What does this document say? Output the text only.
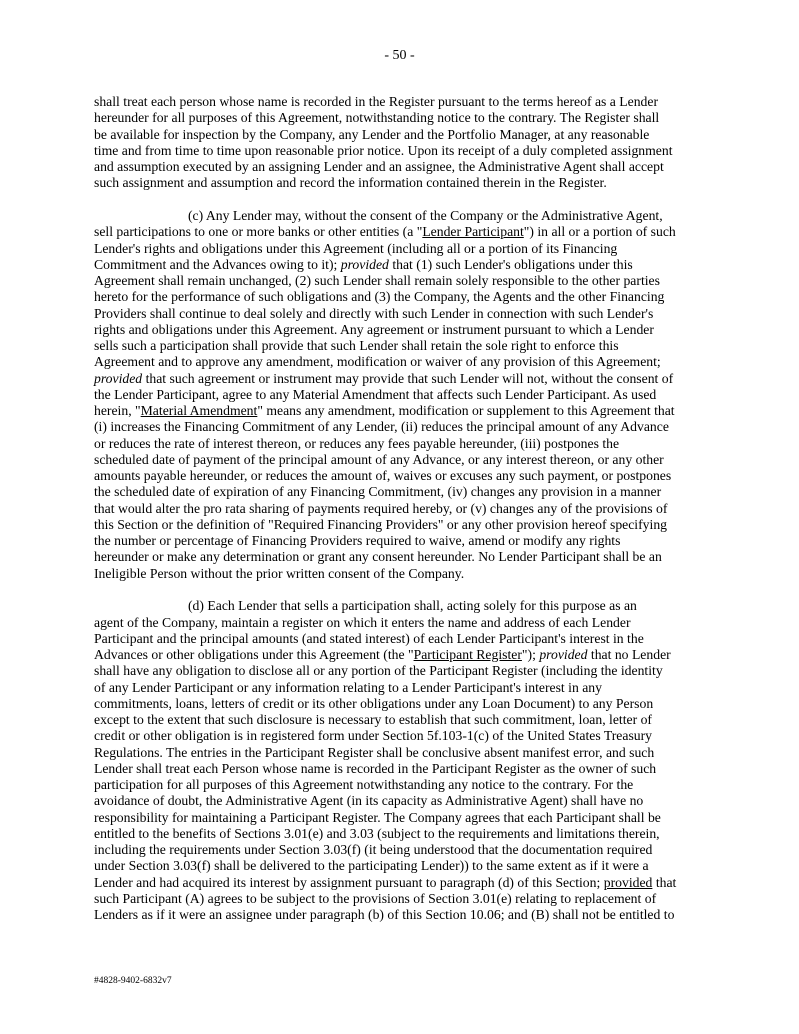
- 50 -
shall treat each person whose name is recorded in the Register pursuant to the terms hereof as a Lender
hereunder for all purposes of this Agreement, notwithstanding notice to the contrary. The Register shall
be available for inspection by the Company, any Lender and the Portfolio Manager, at any reasonable
time and from time to time upon reasonable prior notice. Upon its receipt of a duly completed assignment
and assumption executed by an assigning Lender and an assignee, the Administrative Agent shall accept
such assignment and assumption and record the information contained therein in the Register.
(c) Any Lender may, without the consent of the Company or the Administrative Agent,
sell participations to one or more banks or other entities (a "Lender Participant") in all or a portion of such
Lender's rights and obligations under this Agreement (including all or a portion of its Financing
Commitment and the Advances owing to it); provided that (1) such Lender's obligations under this
Agreement shall remain unchanged, (2) such Lender shall remain solely responsible to the other parties
hereto for the performance of such obligations and (3) the Company, the Agents and the other Financing
Providers shall continue to deal solely and directly with such Lender in connection with such Lender's
rights and obligations under this Agreement. Any agreement or instrument pursuant to which a Lender
sells such a participation shall provide that such Lender shall retain the sole right to enforce this
Agreement and to approve any amendment, modification or waiver of any provision of this Agreement;
provided that such agreement or instrument may provide that such Lender will not, without the consent of
the Lender Participant, agree to any Material Amendment that affects such Lender Participant. As used
herein, "Material Amendment" means any amendment, modification or supplement to this Agreement that
(i) increases the Financing Commitment of any Lender, (ii) reduces the principal amount of any Advance
or reduces the rate of interest thereon, or reduces any fees payable hereunder, (iii) postpones the
scheduled date of payment of the principal amount of any Advance, or any interest thereon, or any other
amounts payable hereunder, or reduces the amount of, waives or excuses any such payment, or postpones
the scheduled date of expiration of any Financing Commitment, (iv) changes any provision in a manner
that would alter the pro rata sharing of payments required hereby, or (v) changes any of the provisions of
this Section or the definition of "Required Financing Providers" or any other provision hereof specifying
the number or percentage of Financing Providers required to waive, amend or modify any rights
hereunder or make any determination or grant any consent hereunder. No Lender Participant shall be an
Ineligible Person without the prior written consent of the Company.
(d) Each Lender that sells a participation shall, acting solely for this purpose as an
agent of the Company, maintain a register on which it enters the name and address of each Lender
Participant and the principal amounts (and stated interest) of each Lender Participant's interest in the
Advances or other obligations under this Agreement (the "Participant Register"); provided that no Lender
shall have any obligation to disclose all or any portion of the Participant Register (including the identity
of any Lender Participant or any information relating to a Lender Participant's interest in any
commitments, loans, letters of credit or its other obligations under any Loan Document) to any Person
except to the extent that such disclosure is necessary to establish that such commitment, loan, letter of
credit or other obligation is in registered form under Section 5f.103-1(c) of the United States Treasury
Regulations. The entries in the Participant Register shall be conclusive absent manifest error, and such
Lender shall treat each Person whose name is recorded in the Participant Register as the owner of such
participation for all purposes of this Agreement notwithstanding any notice to the contrary. For the
avoidance of doubt, the Administrative Agent (in its capacity as Administrative Agent) shall have no
responsibility for maintaining a Participant Register. The Company agrees that each Participant shall be
entitled to the benefits of Sections 3.01(e) and 3.03 (subject to the requirements and limitations therein,
including the requirements under Section 3.03(f) (it being understood that the documentation required
under Section 3.03(f) shall be delivered to the participating Lender)) to the same extent as if it were a
Lender and had acquired its interest by assignment pursuant to paragraph (d) of this Section; provided that
such Participant (A) agrees to be subject to the provisions of Section 3.01(e) relating to replacement of
Lenders as if it were an assignee under paragraph (b) of this Section 10.06; and (B) shall not be entitled to
#4828-9402-6832v7
